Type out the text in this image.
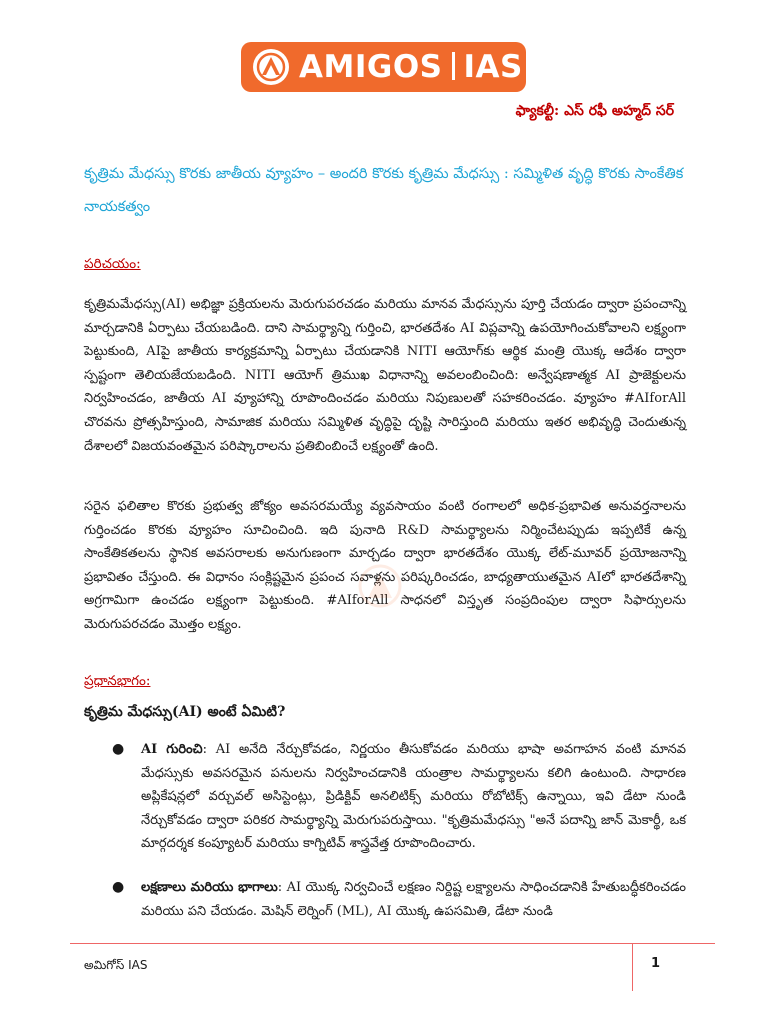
AMIGOS IAS
ఫ్యాకల్టీ: ఎస్ రఫీ అహ్మద్ సర్
కృత్రిమ మేధస్సు కొరకు జాతీయ వ్యూహం – అందరి కొరకు కృత్రిమ మేధస్సు : సమ్మిళిత వృద్ధి కొరకు సాంకేతిక నాయకత్వం
పరిచయం:

కృత్రిమమేధస్సు(AI) అభిజ్ఞా ప్రక్రియలను మెరుగుపరచడం మరియు మానవ మేధస్సును పూర్తి చేయడం ద్వారా ప్రపంచాన్ని మార్చడానికి ఏర్పాటు చేయబడింది. దాని సామర్థ్యాన్ని గుర్తించి, భారతదేశం AI విప్లవాన్ని ఉపయోగించుకోవాలని లక్ష్యంగా పెట్టుకుంది, AIపై జాతీయ కార్యక్రమాన్ని ఏర్పాటు చేయడానికి NITI ఆయోగ్‌కు ఆర్థిక మంత్రి యొక్క ఆదేశం ద్వారా స్పష్టంగా తెలియజేయబడింది. NITI ఆయోగ్ త్రిముఖ విధానాన్ని అవలంబించింది: అన్వేషణాత్మక AI ప్రాజెక్టులను నిర్వహించడం, జాతీయ AI వ్యూహాన్ని రూపొందించడం మరియు నిపుణులతో సహకరించడం. వ్యూహం #AIforAll చొరవను ప్రోత్సహిస్తుంది, సామాజిక మరియు సమ్మిళిత వృద్ధిపై దృష్టి సారిస్తుంది మరియు ఇతర అభివృద్ధి చెందుతున్న దేశాలలో విజయవంతమైన పరిష్కారాలను ప్రతిబింబించే లక్ష్యంతో ఉంది.

సరైన ఫలితాల కొరకు ప్రభుత్వ జోక్యం అవసరమయ్యే వ్యవసాయం వంటి రంగాలలో అధిక-ప్రభావిత అనువర్తనాలను గుర్తించడం కొరకు వ్యూహం సూచించింది. ఇది పునాది R&D సామర్థ్యాలను నిర్మించేటప్పుడు ఇప్పటికే ఉన్న సాంకేతికతలను స్థానిక అవసరాలకు అనుగుణంగా మార్చడం ద్వారా భారతదేశం యొక్క లేట్-మూవర్ ప్రయోజనాన్ని ప్రభావితం చేస్తుంది. ఈ విధానం సంక్లిష్టమైన ప్రపంచ సవాళ్లను పరిష్కరించడం, బాధ్యతాయుతమైన AIలో భారతదేశాన్ని అగ్రగామిగా ఉంచడం లక్ష్యంగా పెట్టుకుంది. #AIforAll సాధనలో విస్తృత సంప్రదింపుల ద్వారా సిఫార్సులను మెరుగుపరచడం మొత్తం లక్ష్యం.

ప్రధానభాగం:
కృత్రిమ మేధస్సు(AI) అంటే ఏమిటి?
● AI గురించి: AI అనేది నేర్చుకోవడం, నిర్ణయం తీసుకోవడం మరియు భాషా అవగాహన వంటి మానవ మేధస్సుకు అవసరమైన పనులను నిర్వహించడానికి యంత్రాల సామర్థ్యాలను కలిగి ఉంటుంది. సాధారణ అప్లికేషన్లలో వర్చువల్ అసిస్టెంట్లు, ప్రిడిక్టివ్ అనలిటిక్స్ మరియు రోబోటిక్స్ ఉన్నాయి, ఇవి డేటా నుండి నేర్చుకోవడం ద్వారా పరికర సామర్థ్యాన్ని మెరుగుపరుస్తాయి. "కృత్రిమమేధస్సు "అనే పదాన్ని జాన్ మెకార్థీ, ఒక మార్గదర్శక కంప్యూటర్ మరియు కాగ్నిటివ్ శాస్త్రవేత్త రూపొందించారు.
● లక్షణాలు మరియు భాగాలు: AI యొక్క నిర్వచించే లక్షణం నిర్దిష్ట లక్ష్యాలను సాధించడానికి హేతుబద్ధీకరించడం మరియు పని చేయడం. మెషిన్ లెర్నింగ్ (ML), AI యొక్క ఉపసమితి, డేటా నుండి
అమిగోస్ IAS	1
